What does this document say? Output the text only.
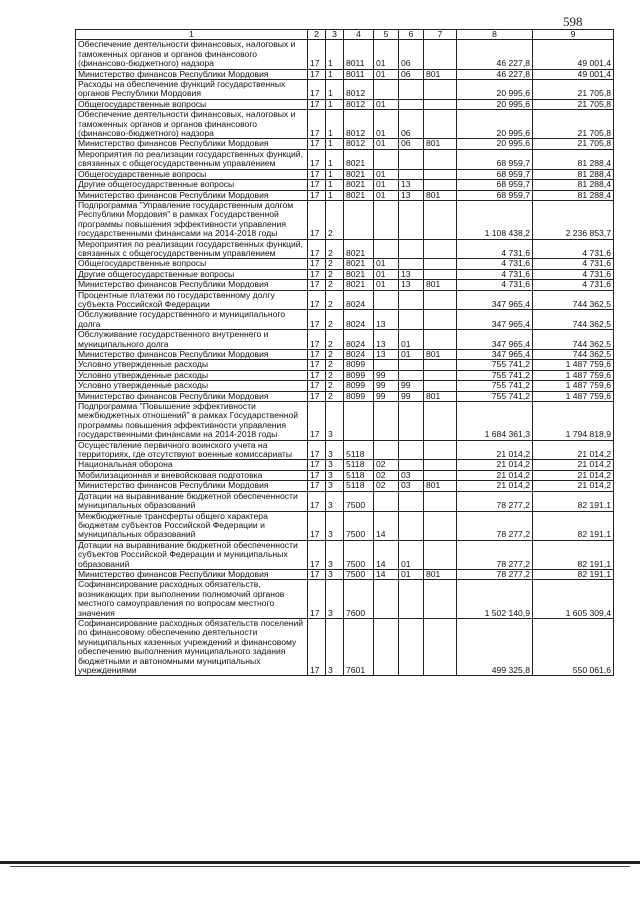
598
1	2	3	4	5	6	7	8	9
Обеспечение деятельности финансовых, налоговых и таможенных органов и органов финансового (финансово-бюджетного) надзора	17	1	8011	01	06		46 227,8	49 001,4
Министерство финансов Республики Мордовия	17	1	8011	01	06	801	46 227,8	49 001,4
Расходы на обеспечение функций государственных органов Республики Мордовия	17	1	8012				20 995,6	21 705,8
Общегосударственные вопросы	17	1	8012	01			20 995,6	21 705,8
Обеспечение деятельности финансовых, налоговых и таможенных органов и органов финансового (финансово-бюджетного) надзора	17	1	8012	01	06		20 995,6	21 705,8
Министерство финансов Республики Мордовия	17	1	8012	01	06	801	20 995,6	21 705,8
Мероприятия по реализации государственных функций, связанных с общегосударственным управлением	17	1	8021				68 959,7	81 288,4
Общегосударственные вопросы	17	1	8021	01			68 959,7	81 288,4
Другие общегосударственные вопросы	17	1	8021	01	13		68 959,7	81 288,4
Министерство финансов Республики Мордовия	17	1	8021	01	13	801	68 959,7	81 288,4
Подпрограмма "Управление государственным долгом Республики Мордовия" в рамках Государственной программы повышения эффективности управления государственными финансами на 2014-2018 годы	17	2					1 108 438,2	2 236 853,7
Мероприятия по реализации государственных функций, связанных с общегосударственным управлением	17	2	8021				4 731,6	4 731,6
Общегосударственные вопросы	17	2	8021	01			4 731,6	4 731,6
Другие общегосударственные вопросы	17	2	8021	01	13		4 731,6	4 731,6
Министерство финансов Республики Мордовия	17	2	8021	01	13	801	4 731,6	4 731,6
Процентные платежи по государственному долгу субъекта Российской Федерации	17	2	8024				347 965,4	744 362,5
Обслуживание государственного и муниципального долга	17	2	8024	13			347 965,4	744 362,5
Обслуживание государственного внутреннего и муниципального долга	17	2	8024	13	01		347 965,4	744 362,5
Министерство финансов Республики Мордовия	17	2	8024	13	01	801	347 965,4	744 362,5
Условно утвержденные расходы	17	2	8099				755 741,2	1 487 759,6
Условно утвержденные расходы	17	2	8099	99			755 741,2	1 487 759,6
Условно утвержденные расходы	17	2	8099	99	99		755 741,2	1 487 759,6
Министерство финансов Республики Мордовия	17	2	8099	99	99	801	755 741,2	1 487 759,6
Подпрограмма "Повышение эффективности межбюджетных отношений" в рамках Государственной программы повышения эффективности управления государственными финансами на 2014-2018 годы	17	3					1 684 361,3	1 794 818,9
Осуществление первичного воинского учета на территориях, где отсутствуют военные комиссариаты	17	3	5118				21 014,2	21 014,2
Национальная оборона	17	3	5118	02			21 014,2	21 014,2
Мобилизационная и вневойсковая подготовка	17	3	5118	02	03		21 014,2	21 014,2
Министерство финансов Республики Мордовия	17	3	5118	02	03	801	21 014,2	21 014,2
Дотации на выравнивание бюджетной обеспеченности муниципальных образований	17	3	7500				78 277,2	82 191,1
Межбюджетные трансферты общего характера бюджетам субъектов Российской Федерации и муниципальных образований	17	3	7500	14			78 277,2	82 191,1
Дотации на выравнивание бюджетной обеспеченности субъектов Российской Федерации и муниципальных образований	17	3	7500	14	01		78 277,2	82 191,1
Министерство финансов Республики Мордовия	17	3	7500	14	01	801	78 277,2	82 191,1
Софинансирование расходных обязательств, возникающих при выполнении полномочий органов местного самоуправления по вопросам местного значения	17	3	7600				1 502 140,9	1 605 309,4
Софинансирование расходных обязательств поселений по финансовому обеспечению деятельности муниципальных казенных учреждений и финансовому обеспечению выполнения муниципального задания бюджетными и автономными муниципальных учреждениями	17	3	7601				499 325,8	550 061,6
